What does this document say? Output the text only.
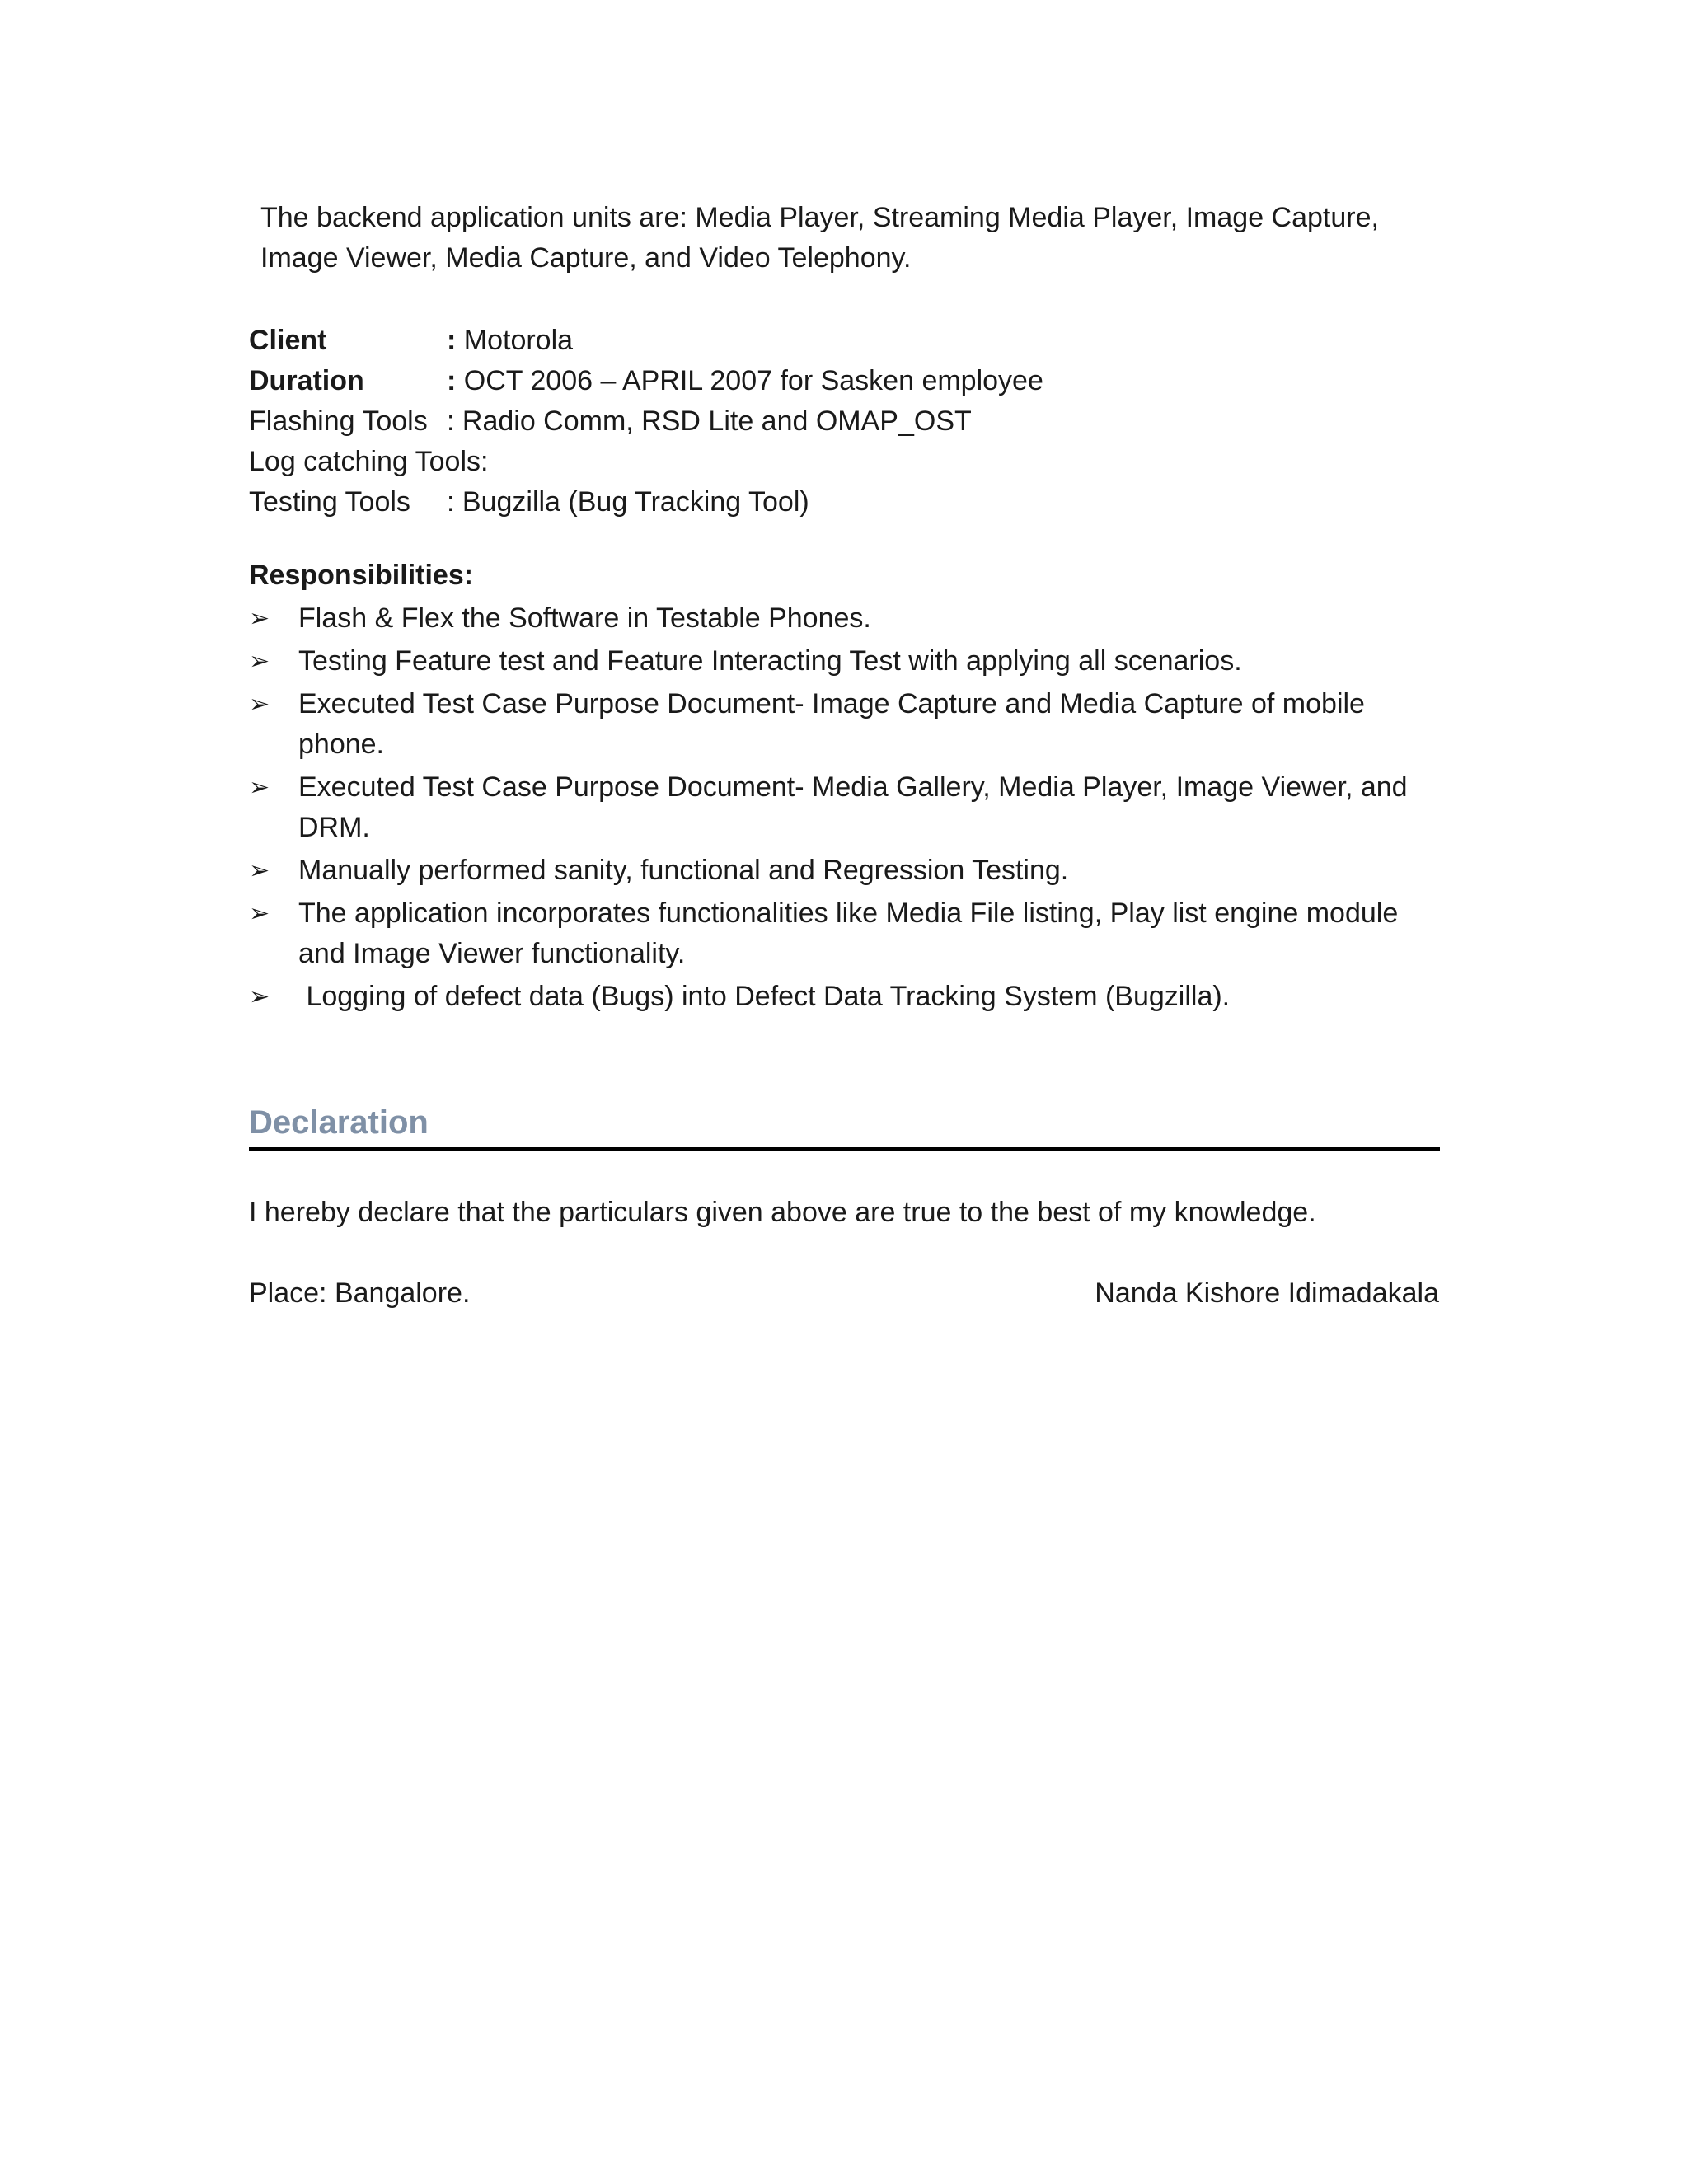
The backend application units are: Media Player, Streaming Media Player, Image Capture, Image Viewer, Media Capture, and Video Telephony.

Client	: Motorola
Duration	: OCT 2006 – APRIL 2007 for Sasken employee
Flashing Tools	: Radio Comm, RSD Lite and OMAP_OST
Log catching Tools:	
Testing Tools	: Bugzilla (Bug Tracking Tool)

Responsibilities:

➢ Flash & Flex the Software in Testable Phones.
➢ Testing Feature test and Feature Interacting Test with applying all scenarios.
➢ Executed Test Case Purpose Document- Image Capture and Media Capture of mobile phone.
➢ Executed Test Case Purpose Document- Media Gallery, Media Player, Image Viewer, and DRM.
➢ Manually performed sanity, functional and Regression Testing.
➢ The application incorporates functionalities like Media File listing, Play list engine module and Image Viewer functionality.
➢ Logging of defect data (Bugs) into Defect Data Tracking System (Bugzilla).
Declaration

I hereby declare that the particulars given above are true to the best of my knowledge.

Place: Bangalore.	Nanda Kishore Idimadakala
